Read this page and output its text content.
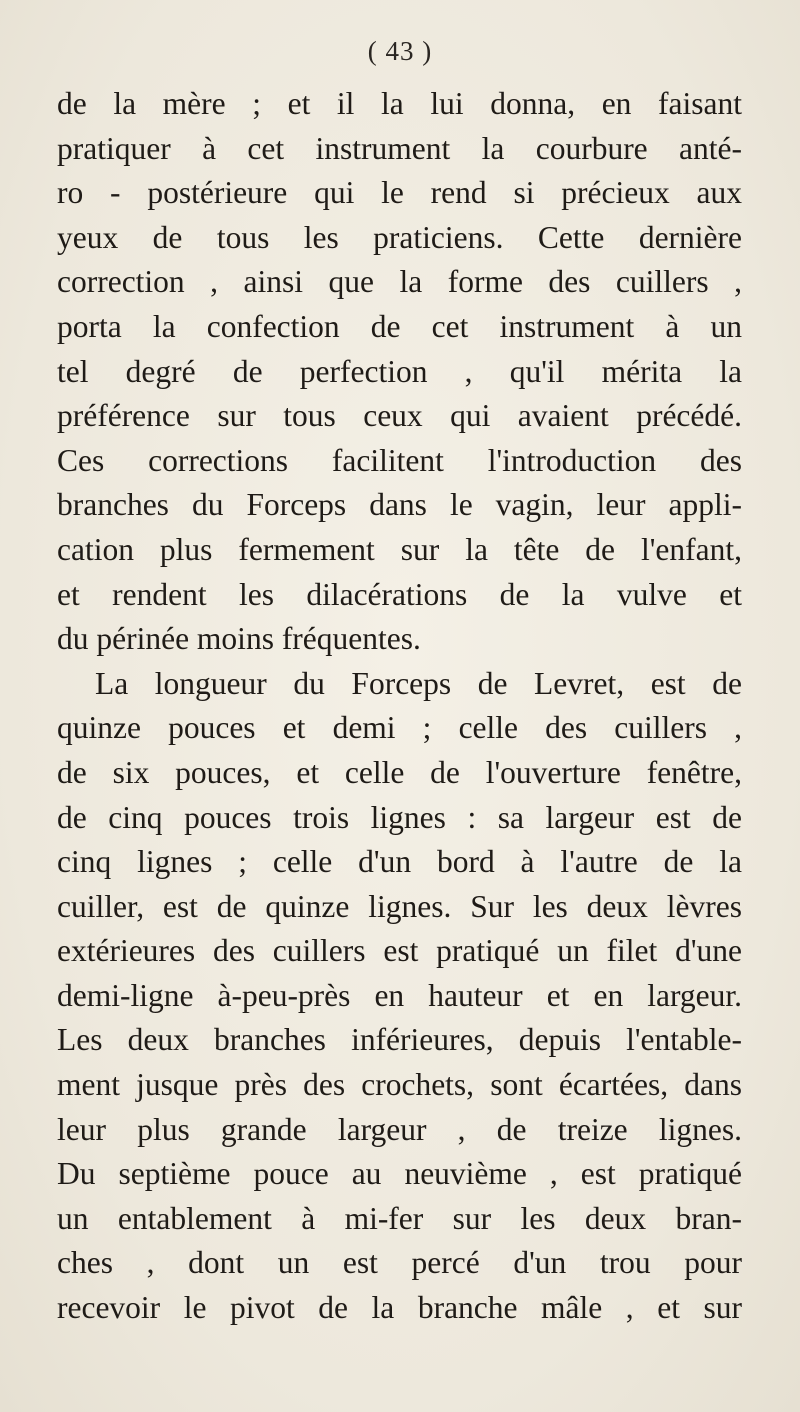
( 43 )
de la mère ; et il la lui donna, en faisant
pratiquer à cet instrument la courbure anté-
ro - postérieure qui le rend si précieux aux
yeux de tous les praticiens. Cette dernière
correction , ainsi que la forme des cuillers ,
porta la confection de cet instrument à un
tel degré de perfection , qu'il mérita la
préférence sur tous ceux qui avaient précédé.
Ces corrections facilitent l'introduction des
branches du Forceps dans le vagin, leur appli-
cation plus fermement sur la tête de l'enfant,
et rendent les dilacérations de la vulve et
du périnée moins fréquentes.
La longueur du Forceps de Levret, est de
quinze pouces et demi ; celle des cuillers ,
de six pouces, et celle de l'ouverture fenêtre,
de cinq pouces trois lignes : sa largeur est de
cinq lignes ; celle d'un bord à l'autre de la
cuiller, est de quinze lignes. Sur les deux lèvres
extérieures des cuillers est pratiqué un filet d'une
demi-ligne à-peu-près en hauteur et en largeur.
Les deux branches inférieures, depuis l'entable-
ment jusque près des crochets, sont écartées, dans
leur plus grande largeur , de treize lignes.
Du septième pouce au neuvième , est pratiqué
un entablement à mi-fer sur les deux bran-
ches , dont un est percé d'un trou pour
recevoir le pivot de la branche mâle , et sur
